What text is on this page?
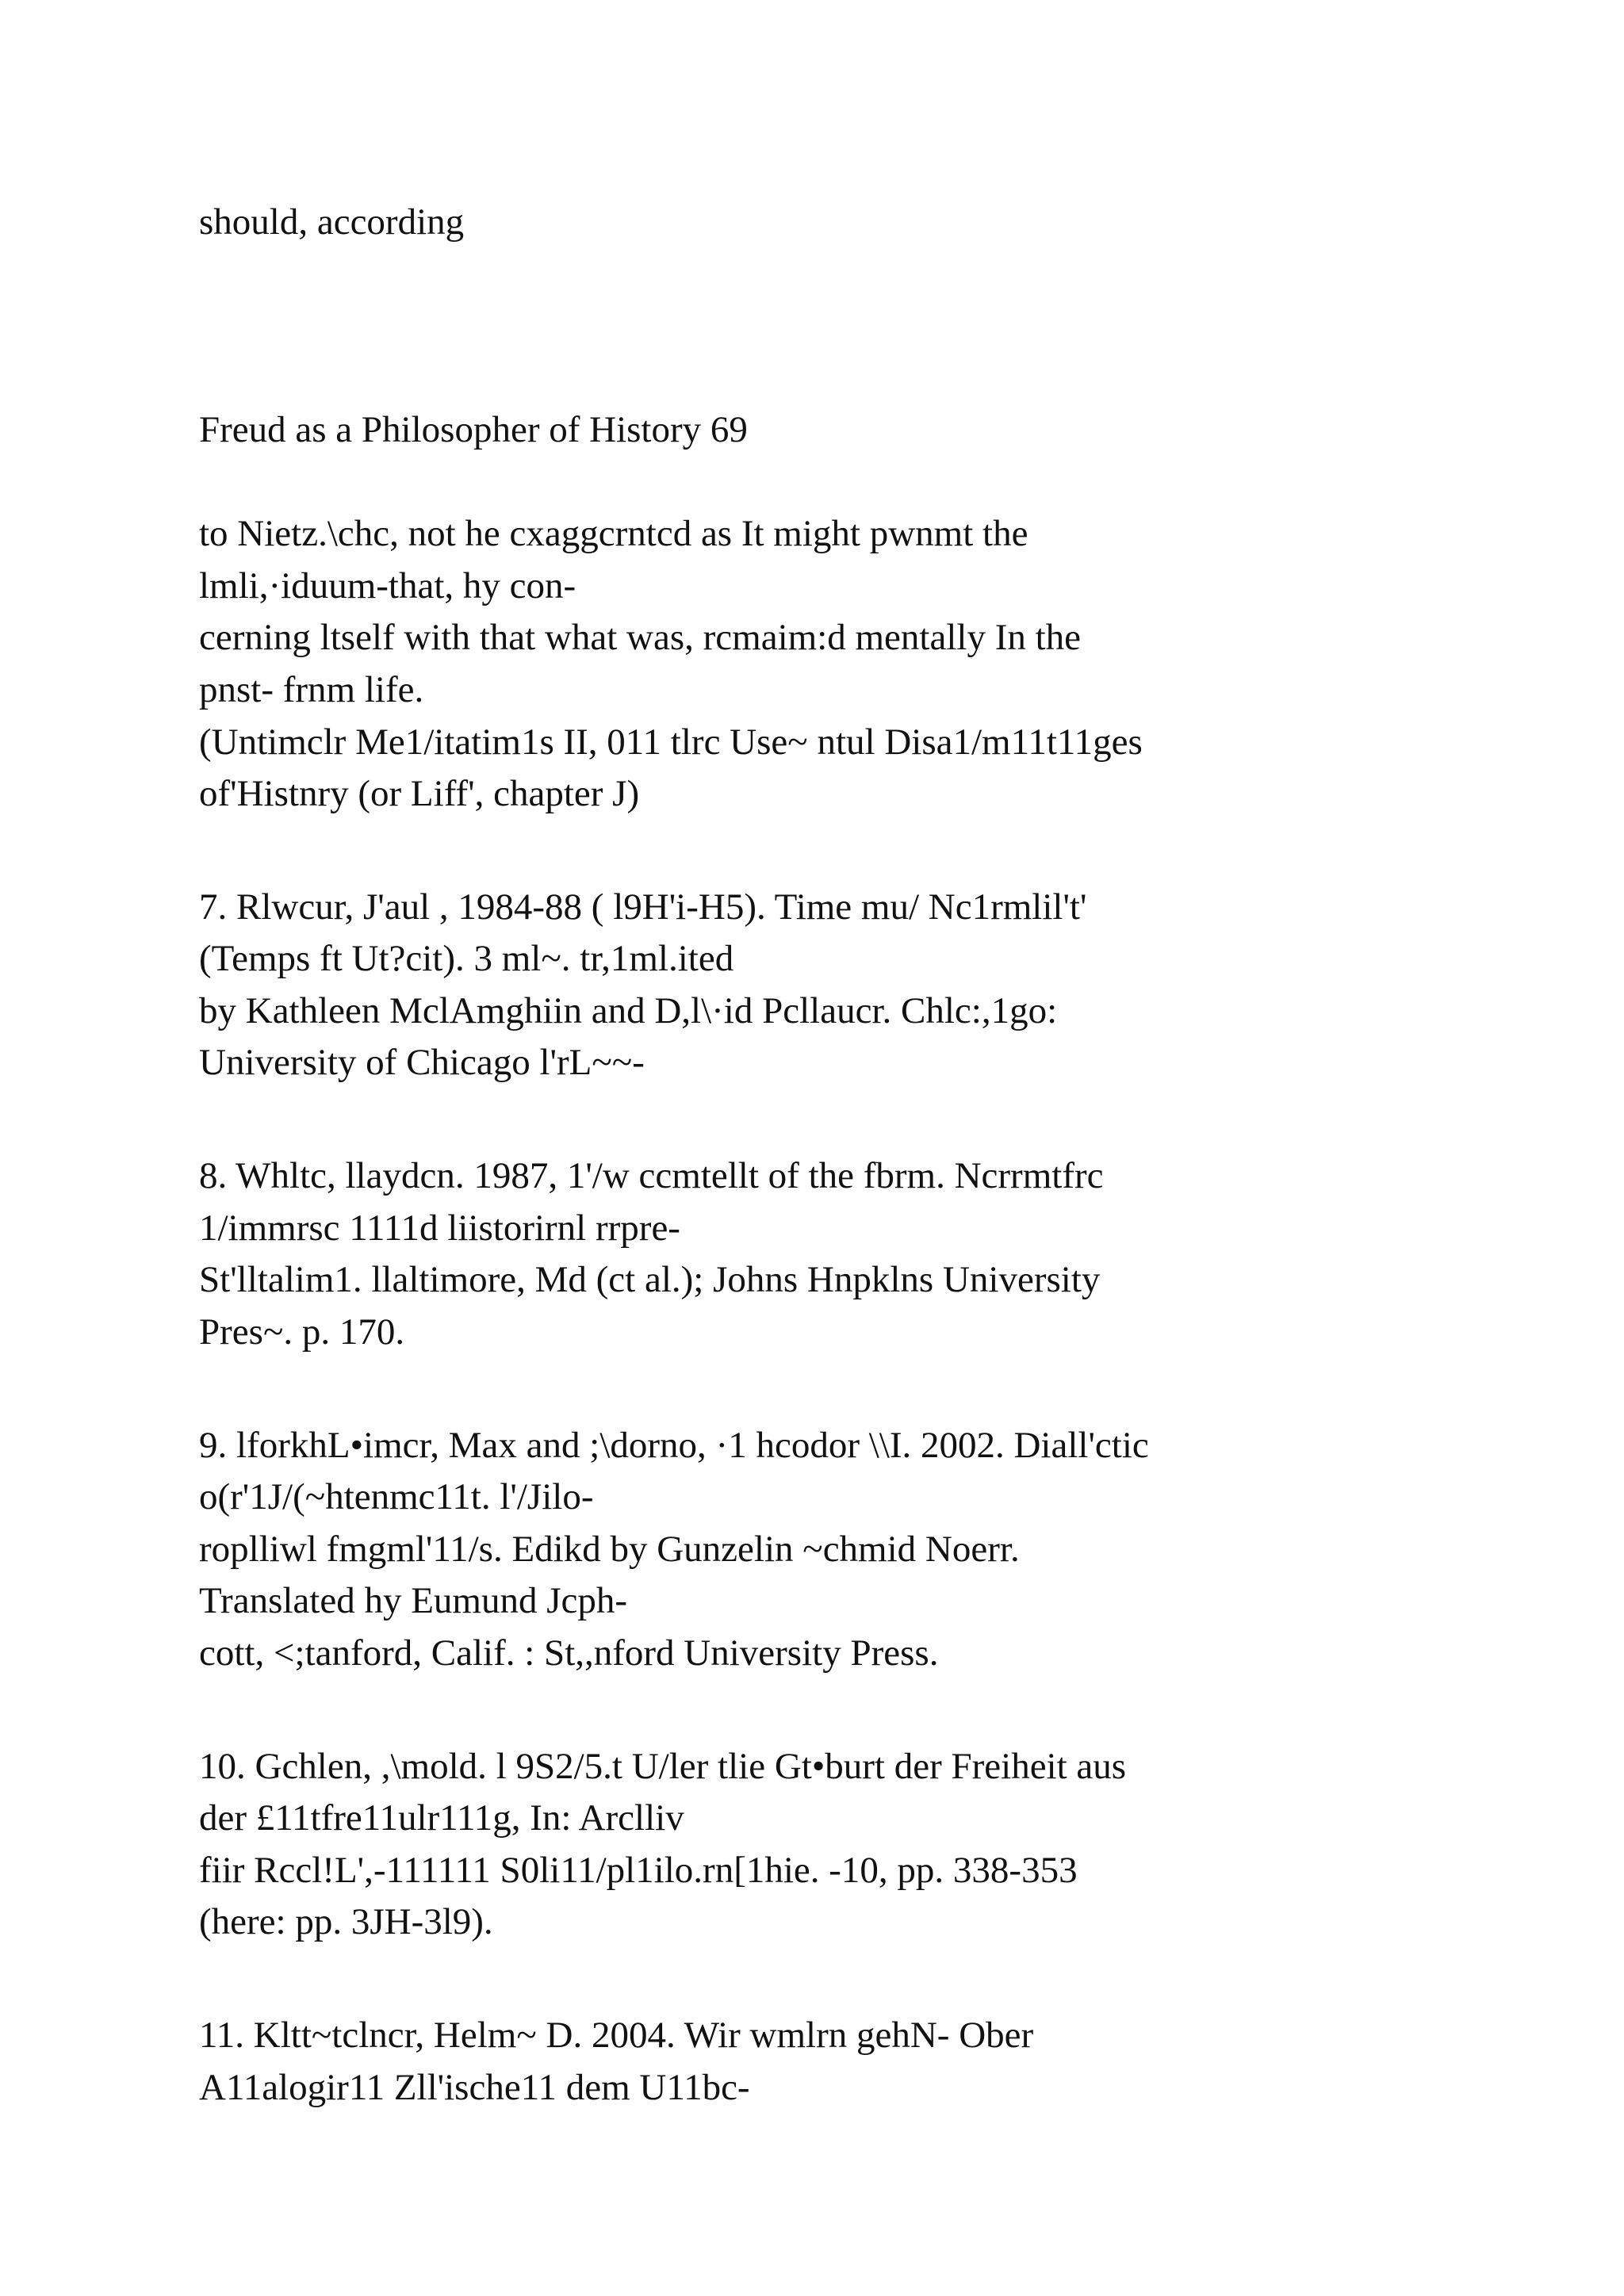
should, according

Freud as a Philosopher of History 69

to Nietz.\chc, not he cxaggcrntcd as It might pwnmt the

lmli,·iduum-that, hy con-

cerning ltself with that what was, rcmaim:d mentally In the

pnst- frnm life.

(Untimclr Me1/itatim1s II, 011 tlrc Use~ ntul Disa1/m11t11ges

of'Histnry (or Liff', chapter J)

7. Rlwcur, J'aul , 1984-88 ( l9H'i-H5). Time mu/ Nc1rmlil't'

(Temps ft Ut?cit). 3 ml~. tr,1ml.ited

by Kathleen MclAmghiin and D,l\·id Pcllaucr. Chlc:,1go:

University of Chicago l'rL~~-

8. Whltc, llaydcn. 1987, 1'/w ccmtellt of the fbrm. Ncrrmtfrc

1/immrsc 1111d liistorirnl rrpre-

St'lltalim1. llaltimore, Md (ct al.); Johns Hnpklns University

Pres~. p. 170.

9. lforkhL•imcr, Max and ;\dorno, ·1 hcodor \\I. 2002. Diall'ctic

o(r'1J/(~htenmc11t. l'/Jilo-

roplliwl fmgml'11/s. Edikd by Gunzelin ~chmid Noerr.

Translated hy Eumund Jcph-

cott, <;tanford, Calif. : St,,nford University Press.

10. Gchlen, ,\mold. l 9S2/5.t U/ler tlie Gt•burt der Freiheit aus

der £11tfre11ulr111g, In: Arclliv

fiir Rccl!L',-111111 S0li11/pl1ilo.rn[1hie. -10, pp. 338-353

(here: pp. 3JH-3l9).

11. Kltt~tclncr, Helm~ D. 2004. Wir wmlrn gehN- Ober

A11alogir11 Zll'ische11 dem U11bc-
